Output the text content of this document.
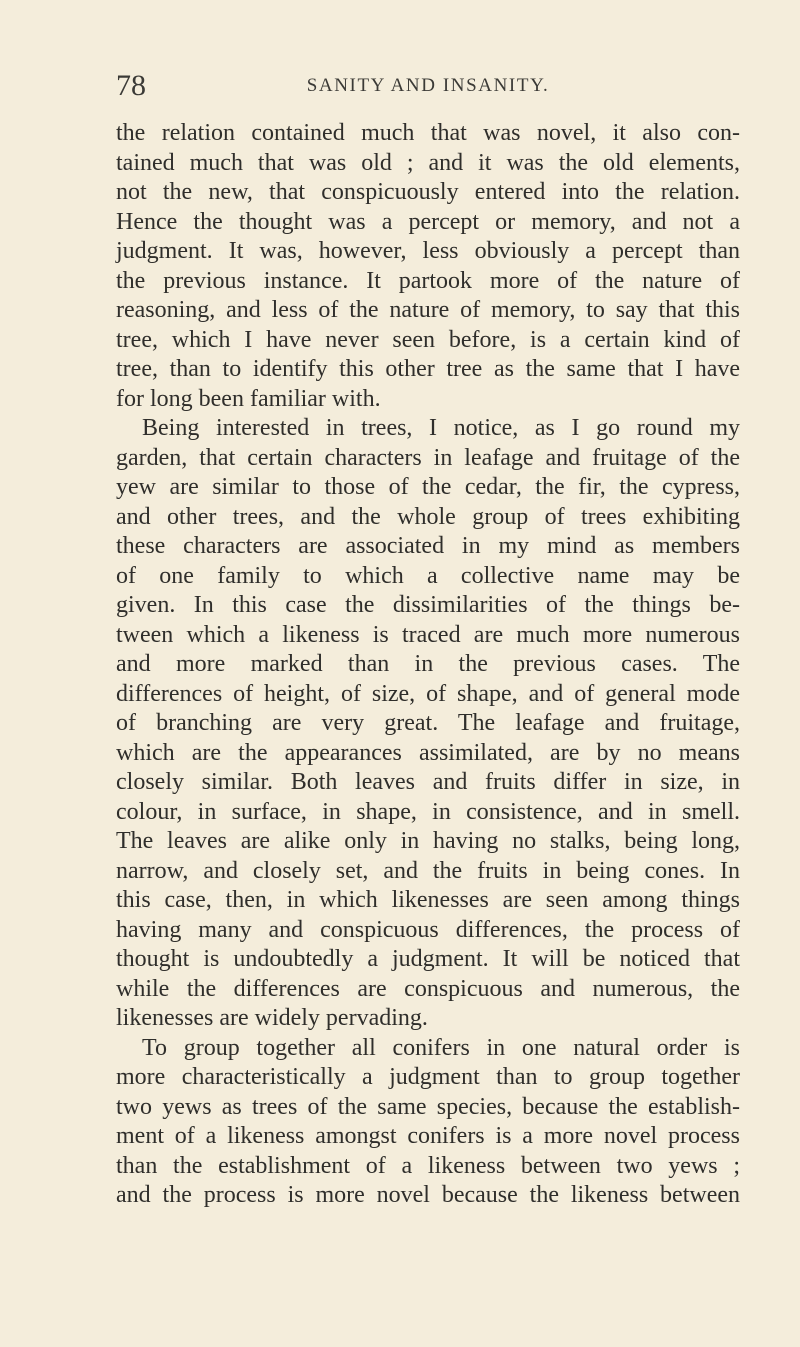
78	SANITY AND INSANITY.
the relation contained much that was novel, it also con-
tained much that was old ; and it was the old elements,
not the new, that conspicuously entered into the relation.
Hence the thought was a percept or memory, and not a
judgment. It was, however, less obviously a percept than
the previous instance. It partook more of the nature of
reasoning, and less of the nature of memory, to say that this
tree, which I have never seen before, is a certain kind of
tree, than to identify this other tree as the same that I have
for long been familiar with.
Being interested in trees, I notice, as I go round my
garden, that certain characters in leafage and fruitage of the
yew are similar to those of the cedar, the fir, the cypress,
and other trees, and the whole group of trees exhibiting
these characters are associated in my mind as members
of one family to which a collective name may be
given. In this case the dissimilarities of the things be-
tween which a likeness is traced are much more numerous
and more marked than in the previous cases. The
differences of height, of size, of shape, and of general mode
of branching are very great. The leafage and fruitage,
which are the appearances assimilated, are by no means
closely similar. Both leaves and fruits differ in size, in
colour, in surface, in shape, in consistence, and in smell.
The leaves are alike only in having no stalks, being long,
narrow, and closely set, and the fruits in being cones. In
this case, then, in which likenesses are seen among things
having many and conspicuous differences, the process of
thought is undoubtedly a judgment. It will be noticed that
while the differences are conspicuous and numerous, the
likenesses are widely pervading.
To group together all conifers in one natural order is
more characteristically a judgment than to group together
two yews as trees of the same species, because the establish-
ment of a likeness amongst conifers is a more novel process
than the establishment of a likeness between two yews ;
and the process is more novel because the likeness between
